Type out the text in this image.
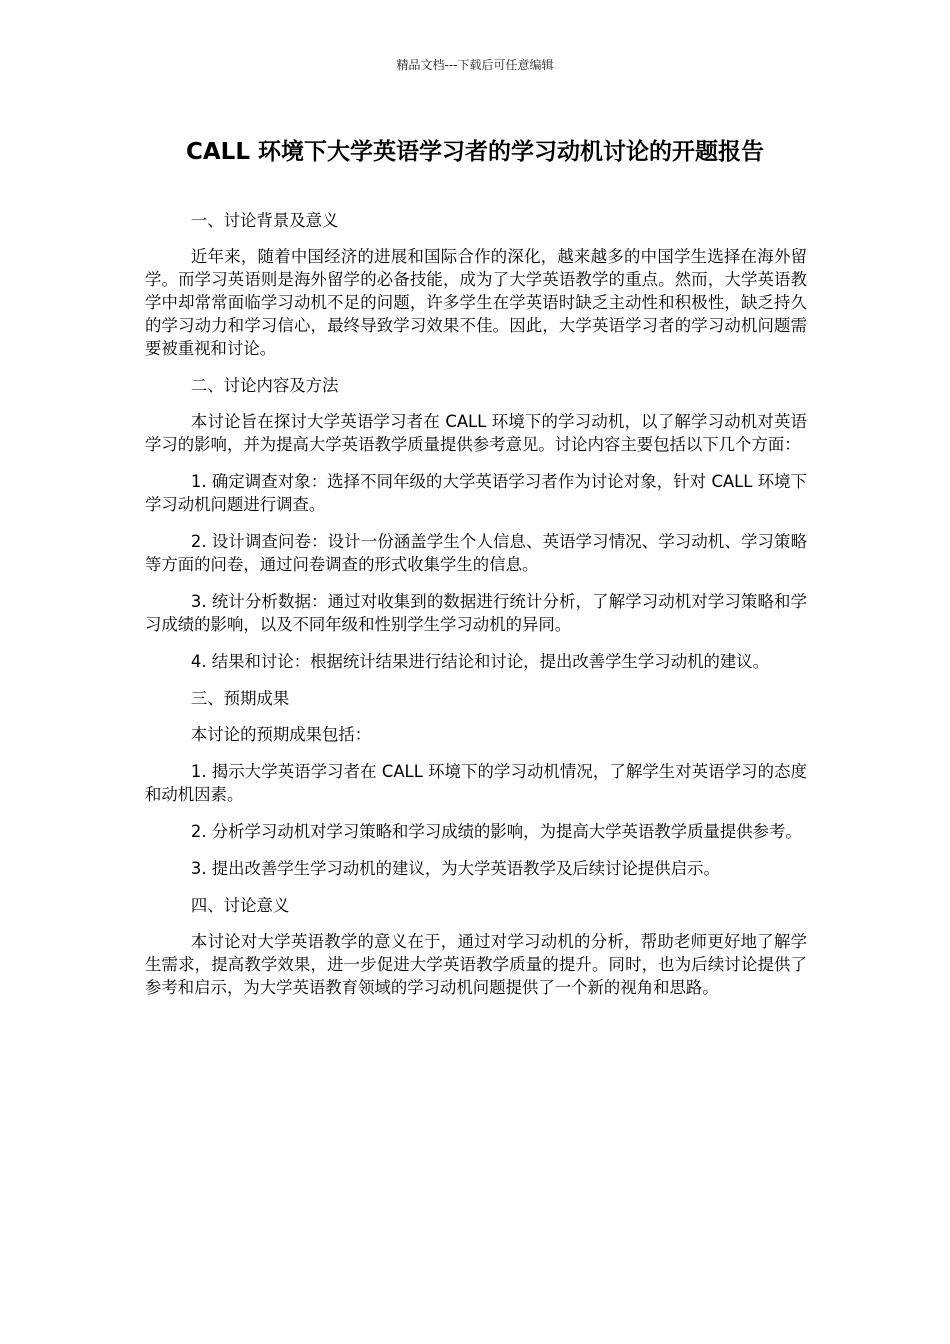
精品文档---下载后可任意编辑
CALL 环境下大学英语学习者的学习动机讨论的开题报告

一、讨论背景及意义

近年来，随着中国经济的进展和国际合作的深化，越来越多的中国学生选择在海外留学。而学习英语则是海外留学的必备技能，成为了大学英语教学的重点。然而，大学英语教学中却常常面临学习动机不足的问题，许多学生在学英语时缺乏主动性和积极性，缺乏持久的学习动力和学习信心，最终导致学习效果不佳。因此，大学英语学习者的学习动机问题需要被重视和讨论。

二、讨论内容及方法

本讨论旨在探讨大学英语学习者在 CALL 环境下的学习动机，以了解学习动机对英语学习的影响，并为提高大学英语教学质量提供参考意见。讨论内容主要包括以下几个方面：

1. 确定调查对象：选择不同年级的大学英语学习者作为讨论对象，针对 CALL 环境下学习动机问题进行调查。

2. 设计调查问卷：设计一份涵盖学生个人信息、英语学习情况、学习动机、学习策略等方面的问卷，通过问卷调查的形式收集学生的信息。

3. 统计分析数据：通过对收集到的数据进行统计分析，了解学习动机对学习策略和学习成绩的影响，以及不同年级和性别学生学习动机的异同。

4. 结果和讨论：根据统计结果进行结论和讨论，提出改善学生学习动机的建议。

三、预期成果

本讨论的预期成果包括：

1. 揭示大学英语学习者在 CALL 环境下的学习动机情况，了解学生对英语学习的态度和动机因素。

2. 分析学习动机对学习策略和学习成绩的影响，为提高大学英语教学质量提供参考。

3. 提出改善学生学习动机的建议，为大学英语教学及后续讨论提供启示。

四、讨论意义

本讨论对大学英语教学的意义在于，通过对学习动机的分析，帮助老师更好地了解学生需求，提高教学效果，进一步促进大学英语教学质量的提升。同时，也为后续讨论提供了参考和启示，为大学英语教育领域的学习动机问题提供了一个新的视角和思路。
